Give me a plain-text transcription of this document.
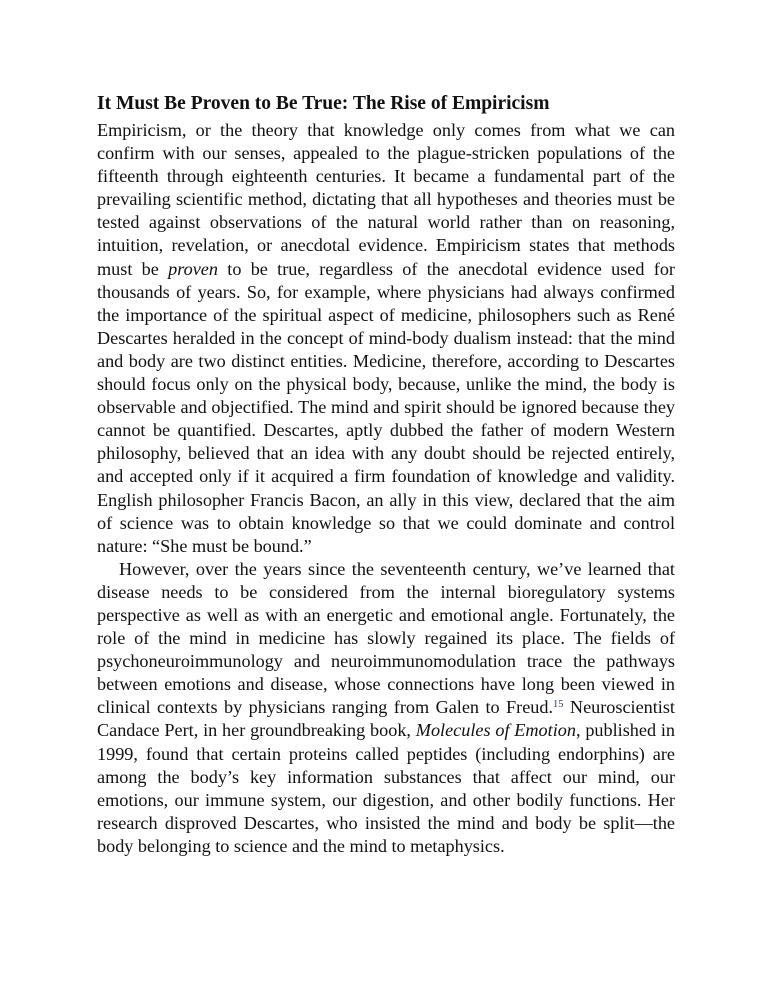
It Must Be Proven to Be True: The Rise of Empiricism

Empiricism, or the theory that knowledge only comes from what we can confirm with our senses, appealed to the plague-stricken populations of the fifteenth through eighteenth centuries. It became a fundamental part of the prevailing scientific method, dictating that all hypotheses and theories must be tested against observations of the natural world rather than on reasoning, intuition, revelation, or anecdotal evidence. Empiricism states that methods must be proven to be true, regardless of the anecdotal evidence used for thousands of years. So, for example, where physicians had always confirmed the importance of the spiritual aspect of medicine, philosophers such as René Descartes heralded in the concept of mind-body dualism instead: that the mind and body are two distinct entities. Medicine, therefore, according to Descartes should focus only on the physical body, because, unlike the mind, the body is observable and objectified. The mind and spirit should be ignored because they cannot be quantified. Descartes, aptly dubbed the father of modern Western philosophy, believed that an idea with any doubt should be rejected entirely, and accepted only if it acquired a firm foundation of knowledge and validity. English philosopher Francis Bacon, an ally in this view, declared that the aim of science was to obtain knowledge so that we could dominate and control nature: “She must be bound.”

However, over the years since the seventeenth century, we’ve learned that disease needs to be considered from the internal bioregulatory systems perspective as well as with an energetic and emotional angle. Fortunately, the role of the mind in medicine has slowly regained its place. The fields of psychoneuroimmunology and neuroimmunomodulation trace the pathways between emotions and disease, whose connections have long been viewed in clinical contexts by physicians ranging from Galen to Freud.$^{15}$ Neuroscientist Candace Pert, in her groundbreaking book, Molecules of Emotion, published in 1999, found that certain proteins called peptides (including endorphins) are among the body’s key information substances that affect our mind, our emotions, our immune system, our digestion, and other bodily functions. Her research disproved Descartes, who insisted the mind and body be split—the body belonging to science and the mind to metaphysics.
